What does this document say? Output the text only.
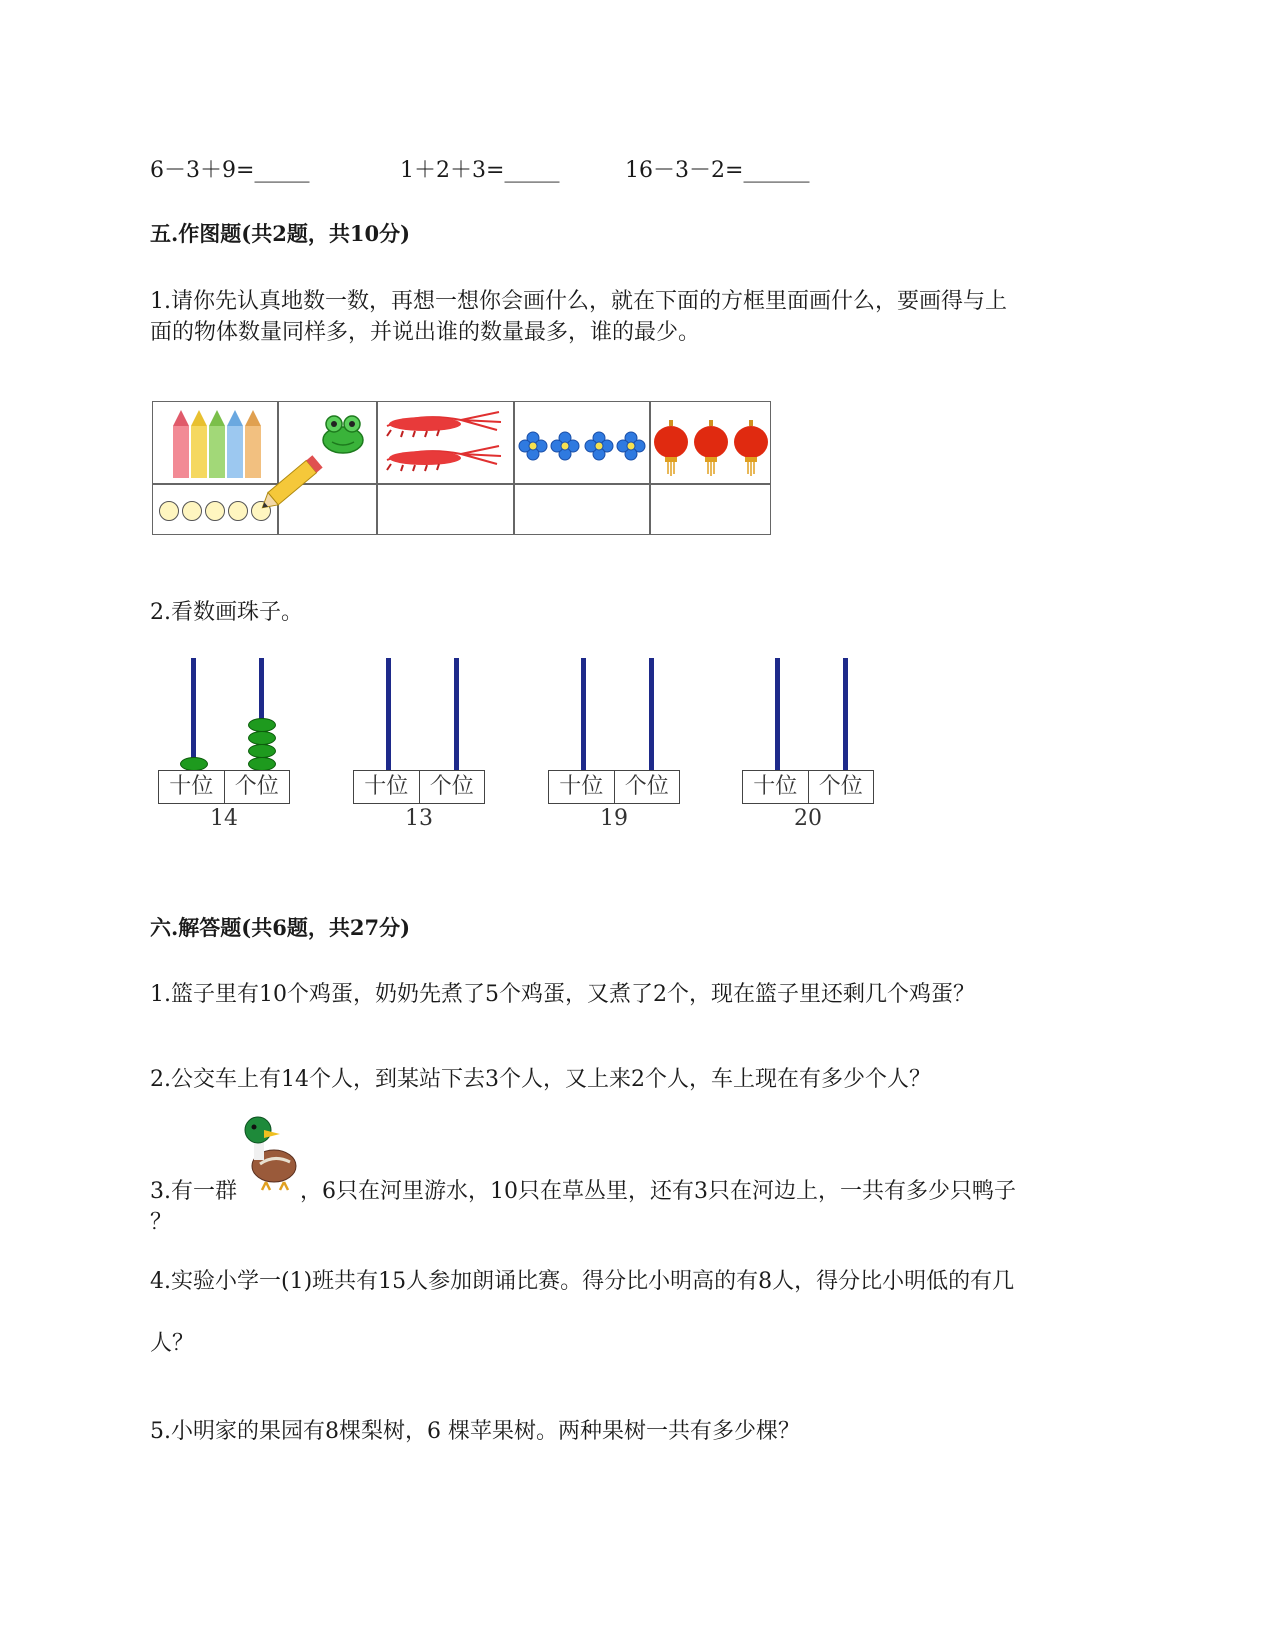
6－3＋9=_____	1＋2＋3=_____	16－3－2=______
五.作图题(共2题，共10分)
1.请你先认真地数一数，再想一想你会画什么，就在下面的方框里面画什么，要画得与上
面的物体数量同样多，并说出谁的数量最多，谁的最少。
2.看数画珠子。
十位 个位
14
十位 个位
13
十位 个位
19
十位 个位
20
六.解答题(共6题，共27分)
1.篮子里有10个鸡蛋，奶奶先煮了5个鸡蛋，又煮了2个，现在篮子里还剩几个鸡蛋？
2.公交车上有14个人，到某站下去3个人，又上来2个人，车上现在有多少个人？
3.有一群	，6只在河里游水，10只在草丛里，还有3只在河边上，一共有多少只鸭子
？
4.实验小学一(1)班共有15人参加朗诵比赛。得分比小明高的有8人，得分比小明低的有几
人？
5.小明家的果园有8棵梨树，6 棵苹果树。两种果树一共有多少棵？
